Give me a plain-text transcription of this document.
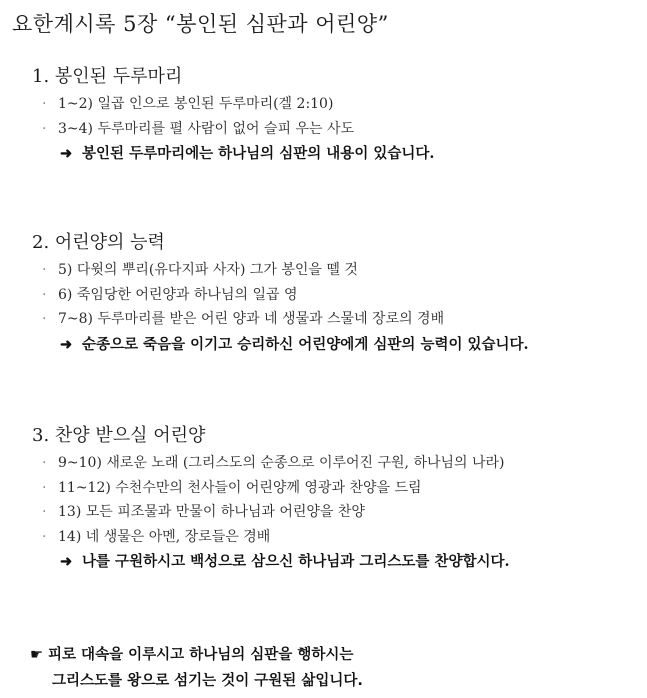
요한계시록 5장 “봉인된 심판과 어린양”
1. 봉인된 두루마리
· 1~2) 일곱 인으로 봉인된 두루마리(겔 2:10)
· 3~4) 두루마리를 펼 사람이 없어 슬피 우는 사도
➜ 봉인된 두루마리에는 하나님의 심판의 내용이 있습니다.
2. 어린양의 능력
· 5) 다윗의 뿌리(유다지파 사자) 그가 봉인을 뗄 것
· 6) 죽임당한 어린양과 하나님의 일곱 영
· 7~8) 두루마리를 받은 어린 양과 네 생물과 스물네 장로의 경배
➜ 순종으로 죽음을 이기고 승리하신 어린양에게 심판의 능력이 있습니다.
3. 찬양 받으실 어린양
· 9~10) 새로운 노래 (그리스도의 순종으로 이루어진 구원, 하나님의 나라)
· 11~12) 수천수만의 천사들이 어린양께 영광과 찬양을 드림
· 13) 모든 피조물과 만물이 하나님과 어린양을 찬양
· 14) 네 생물은 아멘, 장로들은 경배
➜ 나를 구원하시고 백성으로 삼으신 하나님과 그리스도를 찬양합시다.
☛ 피로 대속을 이루시고 하나님의 심판을 행하시는
그리스도를 왕으로 섬기는 것이 구원된 삶입니다.
